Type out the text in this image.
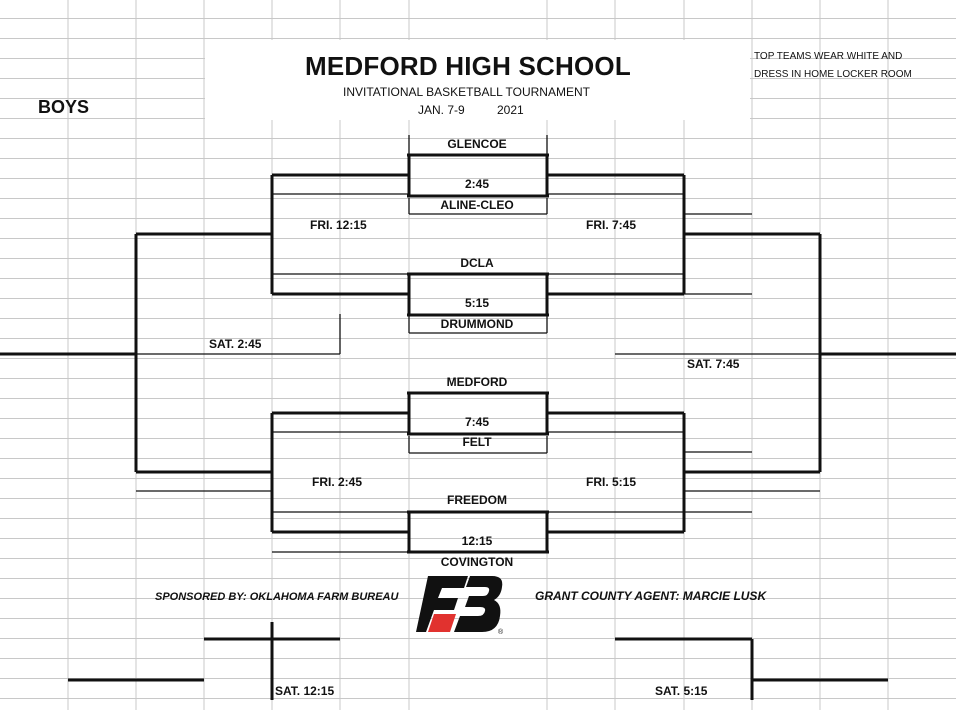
MEDFORD HIGH SCHOOL
INVITATIONAL BASKETBALL TOURNAMENT
JAN. 7-9	2021
BOYS
TOP TEAMS WEAR WHITE AND
DRESS IN HOME LOCKER ROOM
GLENCOE
2:45
ALINE-CLEO
DCLA
5:15
DRUMMOND
MEDFORD
7:45
FELT
FREEDOM
12:15
COVINGTON
FRI. 12:15	FRI. 7:45
FRI. 2:45	FRI. 5:15
SAT. 2:45
SAT. 7:45
SAT. 12:15	SAT. 5:15
SPONSORED BY: OKLAHOMA FARM BUREAU	GRANT COUNTY AGENT: MARCIE LUSK
®
